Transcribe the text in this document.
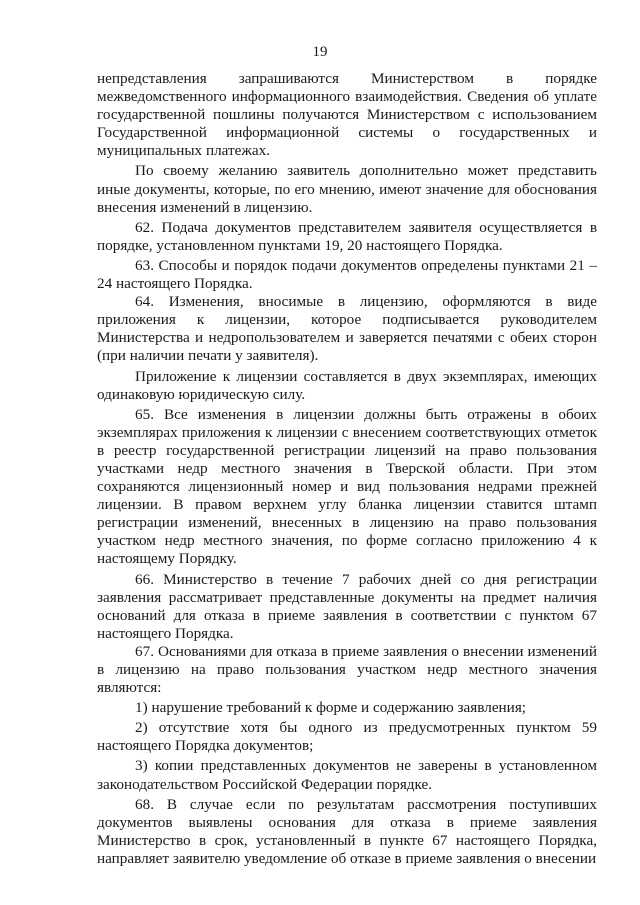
19

непредставления запрашиваются Министерством в порядке межведомственного информационного взаимодействия. Сведения об уплате государственной пошлины получаются Министерством с использованием Государственной информационной системы о государственных и муниципальных платежах.

По своему желанию заявитель дополнительно может представить иные документы, которые, по его мнению, имеют значение для обоснования внесения изменений в лицензию.

62. Подача документов представителем заявителя осуществляется в порядке, установленном пунктами 19, 20 настоящего Порядка.

63. Способы и порядок подачи документов определены пунктами 21 – 24 настоящего Порядка.

64. Изменения, вносимые в лицензию, оформляются в виде приложения к лицензии, которое подписывается руководителем Министерства и недропользователем и заверяется печатями с обеих сторон (при наличии печати у заявителя).

Приложение к лицензии составляется в двух экземплярах, имеющих одинаковую юридическую силу.

65. Все изменения в лицензии должны быть отражены в обоих экземплярах приложения к лицензии с внесением соответствующих отметок в реестр государственной регистрации лицензий на право пользования участками недр местного значения в Тверской области. При этом сохраняются лицензионный номер и вид пользования недрами прежней лицензии. В правом верхнем углу бланка лицензии ставится штамп регистрации изменений, внесенных в лицензию на право пользования участком недр местного значения, по форме согласно приложению 4 к настоящему Порядку.

66. Министерство в течение 7 рабочих дней со дня регистрации заявления рассматривает представленные документы на предмет наличия оснований для отказа в приеме заявления в соответствии с пунктом 67 настоящего Порядка.

67. Основаниями для отказа в приеме заявления о внесении изменений в лицензию на право пользования участком недр местного значения являются:

1) нарушение требований к форме и содержанию заявления;

2) отсутствие хотя бы одного из предусмотренных пунктом 59 настоящего Порядка документов;

3) копии представленных документов не заверены в установленном законодательством Российской Федерации порядке.

68. В случае если по результатам рассмотрения поступивших документов выявлены основания для отказа в приеме заявления Министерство в срок, установленный в пункте 67 настоящего Порядка, направляет заявителю уведомление об отказе в приеме заявления о внесении
